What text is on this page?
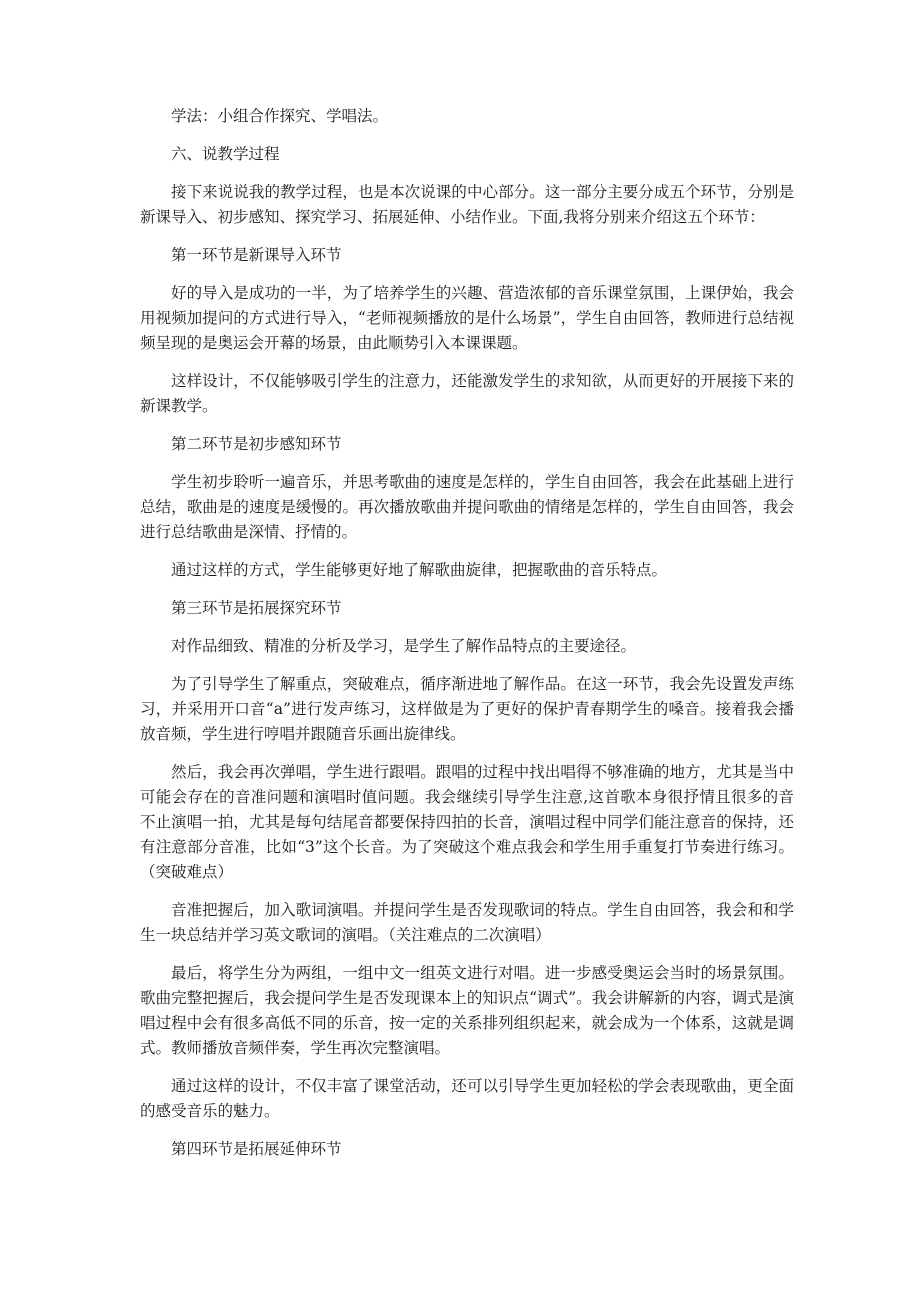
学法：小组合作探究、学唱法。

六、说教学过程

接下来说说我的教学过程，也是本次说课的中心部分。这一部分主要分成五个环节，分别是新课导入、初步感知、探究学习、拓展延伸、小结作业。下面,我将分别来介绍这五个环节：

第一环节是新课导入环节

好的导入是成功的一半，为了培养学生的兴趣、营造浓郁的音乐课堂氛围，上课伊始，我会用视频加提问的方式进行导入，“老师视频播放的是什么场景”，学生自由回答，教师进行总结视频呈现的是奥运会开幕的场景，由此顺势引入本课课题。

这样设计，不仅能够吸引学生的注意力，还能激发学生的求知欲，从而更好的开展接下来的新课教学。

第二环节是初步感知环节

学生初步聆听一遍音乐，并思考歌曲的速度是怎样的，学生自由回答，我会在此基础上进行总结，歌曲是的速度是缓慢的。再次播放歌曲并提问歌曲的情绪是怎样的，学生自由回答，我会进行总结歌曲是深情、抒情的。

通过这样的方式，学生能够更好地了解歌曲旋律，把握歌曲的音乐特点。

第三环节是拓展探究环节

对作品细致、精准的分析及学习，是学生了解作品特点的主要途径。

为了引导学生了解重点，突破难点，循序渐进地了解作品。在这一环节，我会先设置发声练习，并采用开口音“a”进行发声练习，这样做是为了更好的保护青春期学生的嗓音。接着我会播放音频，学生进行哼唱并跟随音乐画出旋律线。

然后，我会再次弹唱，学生进行跟唱。跟唱的过程中找出唱得不够准确的地方，尤其是当中可能会存在的音准问题和演唱时值问题。我会继续引导学生注意,这首歌本身很抒情且很多的音不止演唱一拍，尤其是每句结尾音都要保持四拍的长音，演唱过程中同学们能注意音的保持，还有注意部分音准，比如“3”这个长音。为了突破这个难点我会和学生用手重复打节奏进行练习。（突破难点）

音准把握后，加入歌词演唱。并提问学生是否发现歌词的特点。学生自由回答，我会和和学生一块总结并学习英文歌词的演唱。（关注难点的二次演唱）

最后，将学生分为两组，一组中文一组英文进行对唱。进一步感受奥运会当时的场景氛围。歌曲完整把握后，我会提问学生是否发现课本上的知识点“调式”。我会讲解新的内容，调式是演唱过程中会有很多高低不同的乐音，按一定的关系排列组织起来，就会成为一个体系，这就是调式。教师播放音频伴奏，学生再次完整演唱。

通过这样的设计，不仅丰富了课堂活动，还可以引导学生更加轻松的学会表现歌曲，更全面的感受音乐的魅力。

第四环节是拓展延伸环节
